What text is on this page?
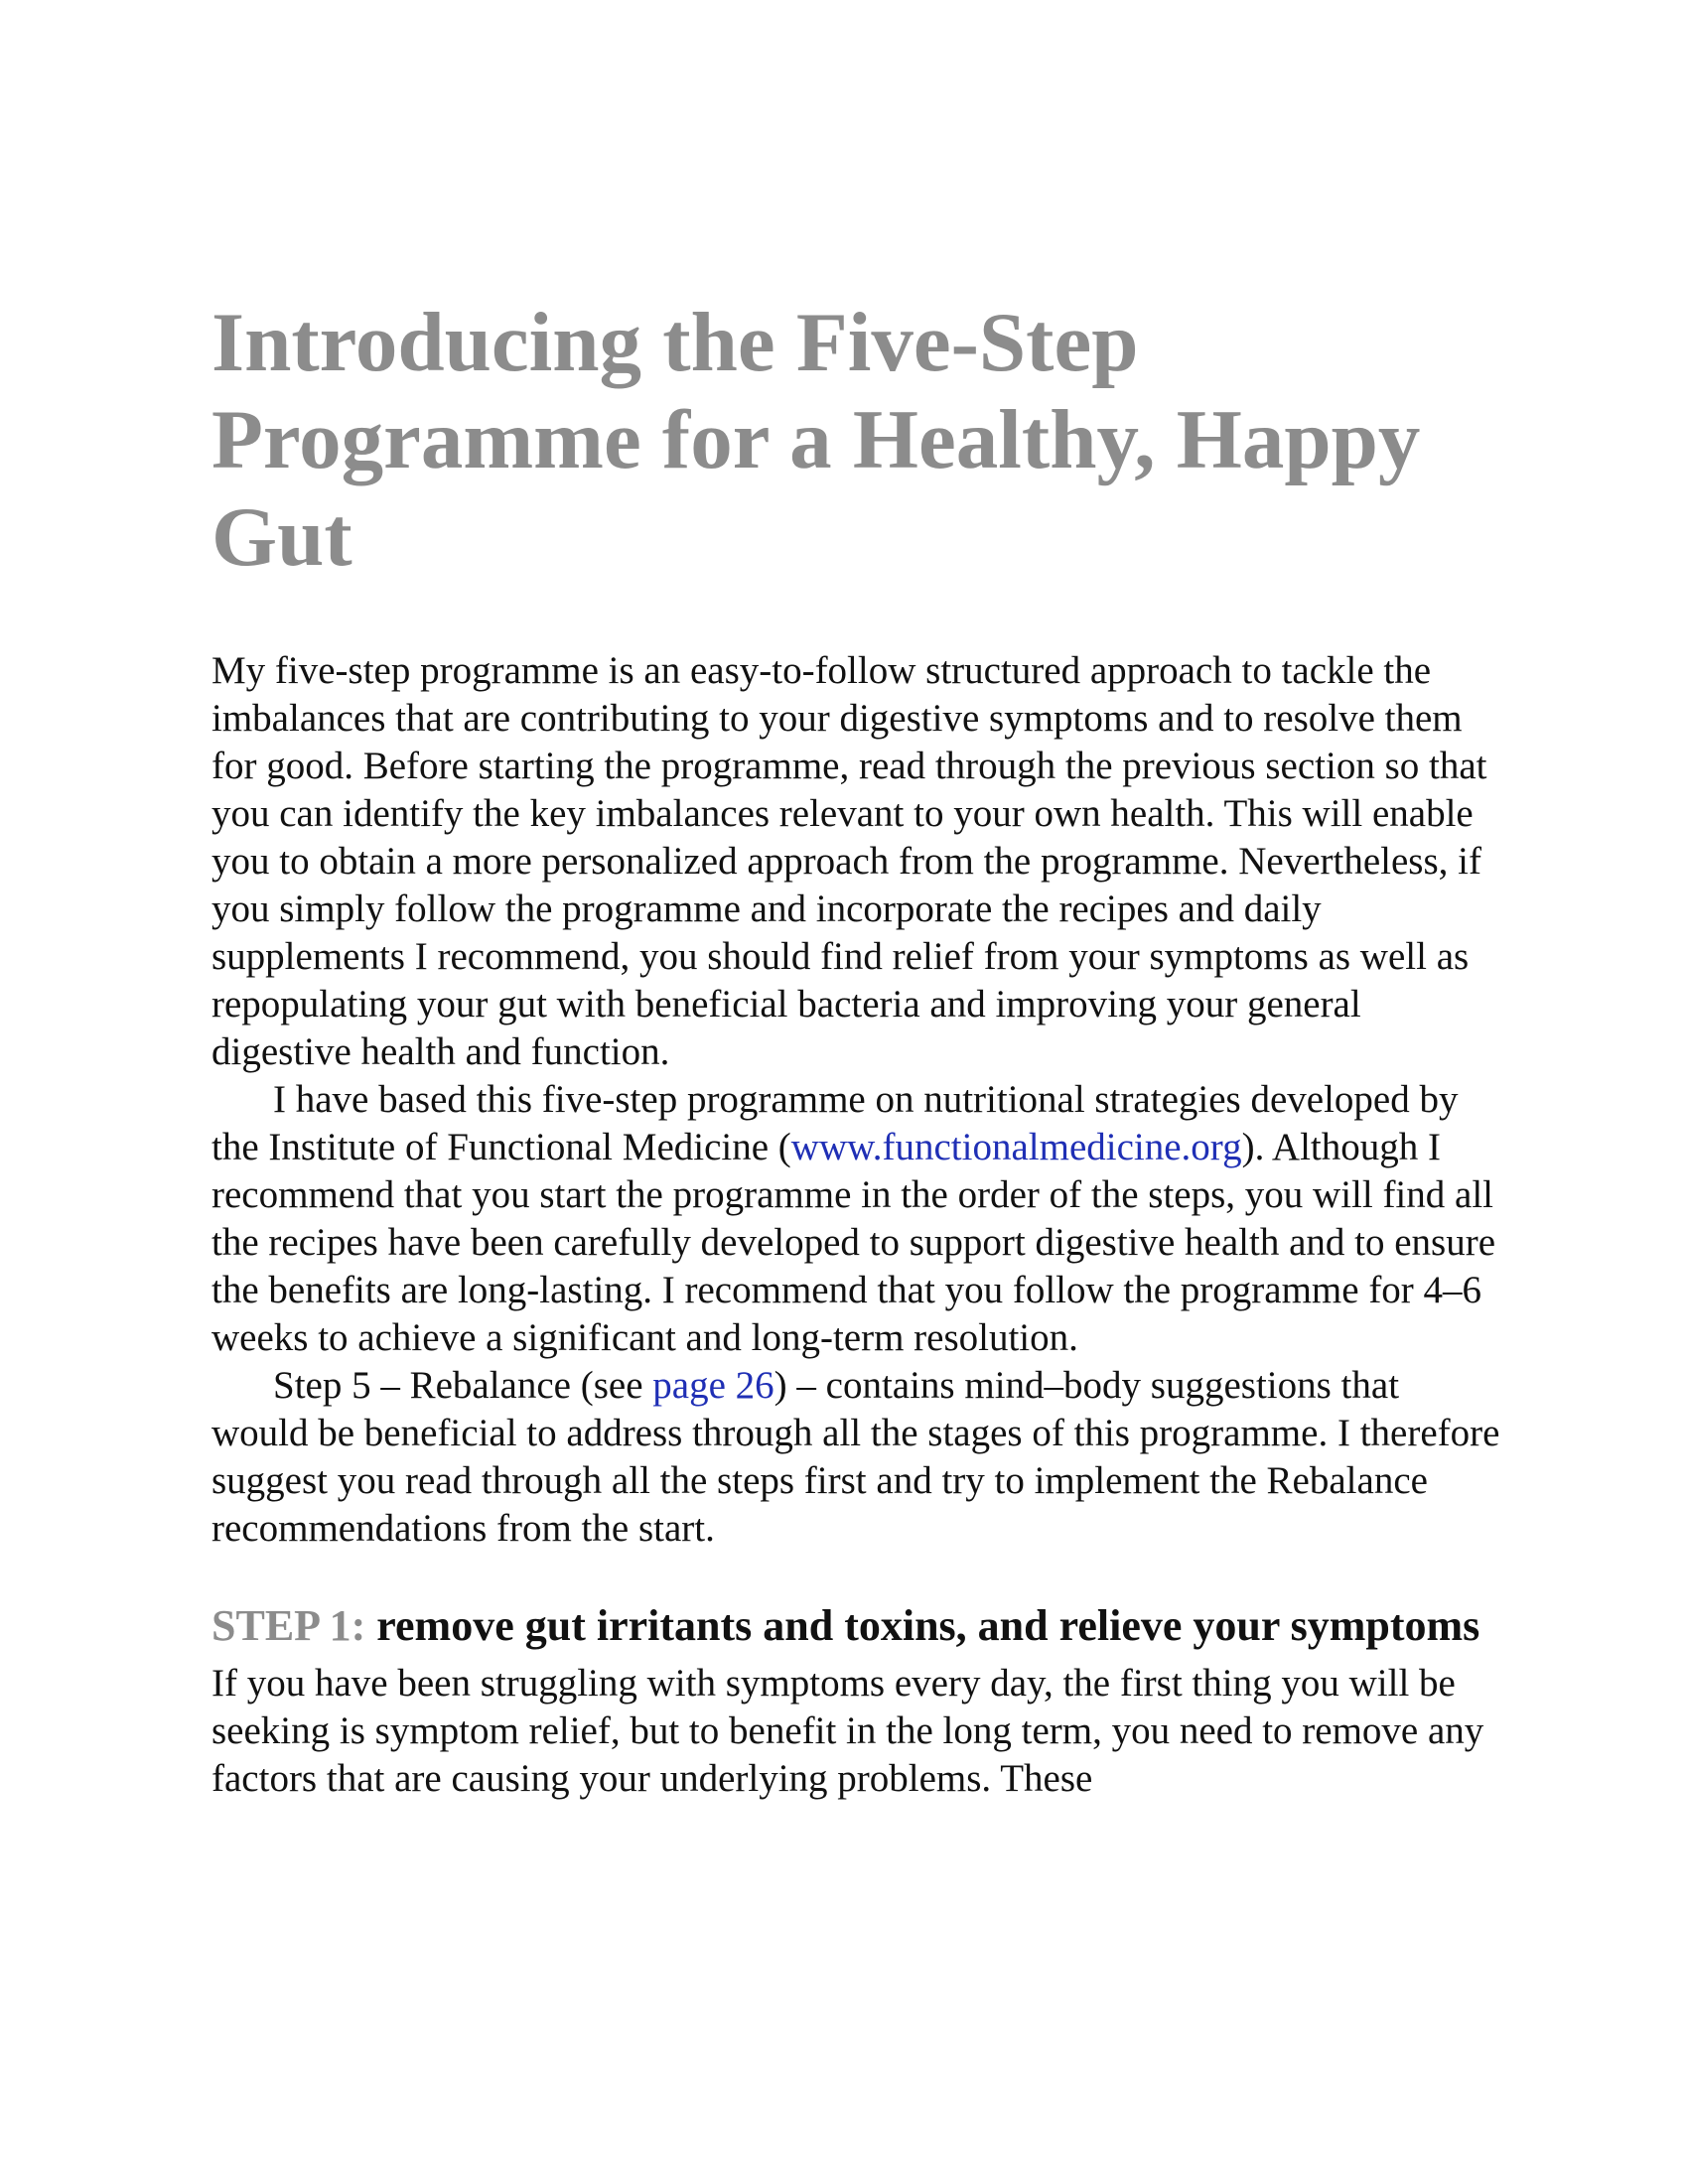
Introducing the Five-Step Programme for a Healthy, Happy Gut

My five-step programme is an easy-to-follow structured approach to tackle the imbalances that are contributing to your digestive symptoms and to resolve them for good. Before starting the programme, read through the previous section so that you can identify the key imbalances relevant to your own health. This will enable you to obtain a more personalized approach from the programme. Nevertheless, if you simply follow the programme and incorporate the recipes and daily supplements I recommend, you should find relief from your symptoms as well as repopulating your gut with beneficial bacteria and improving your general digestive health and function.

I have based this five-step programme on nutritional strategies developed by the Institute of Functional Medicine (www.functionalmedicine.org). Although I recommend that you start the programme in the order of the steps, you will find all the recipes have been carefully developed to support digestive health and to ensure the benefits are long-lasting. I recommend that you follow the programme for 4–6 weeks to achieve a significant and long-term resolution.

Step 5 – Rebalance (see page 26) – contains mind–body suggestions that would be beneficial to address through all the stages of this programme. I therefore suggest you read through all the steps first and try to implement the Rebalance recommendations from the start.

STEP 1: remove gut irritants and toxins, and relieve your symptoms

If you have been struggling with symptoms every day, the first thing you will be seeking is symptom relief, but to benefit in the long term, you need to remove any factors that are causing your underlying problems. These
